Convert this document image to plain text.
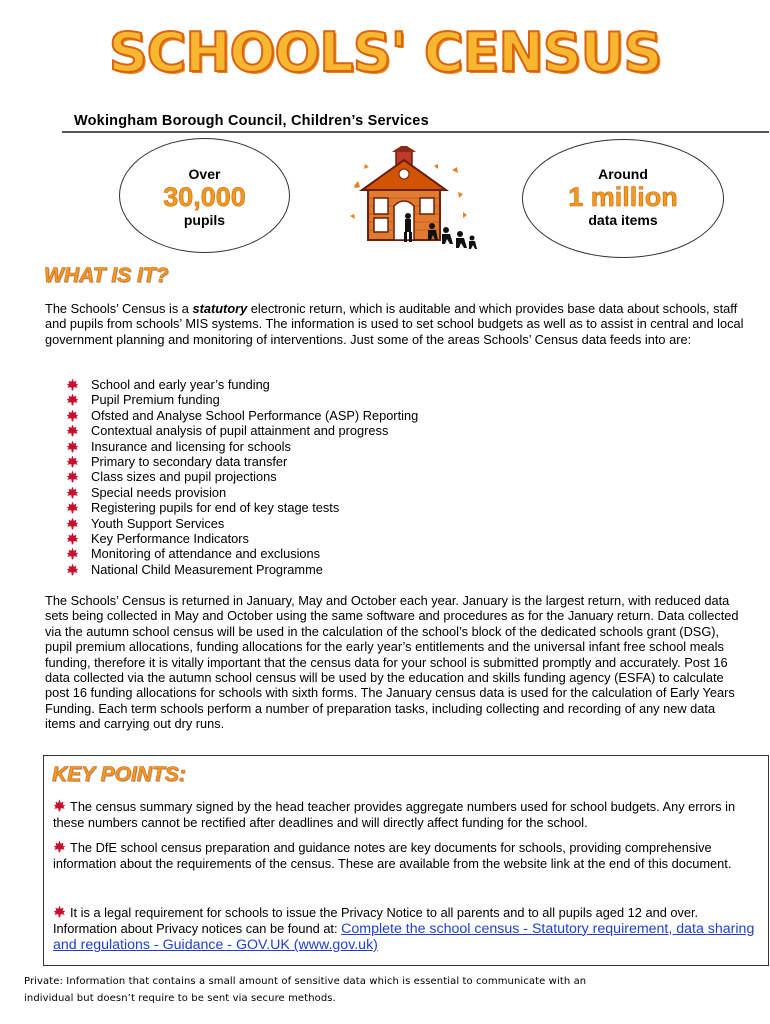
SCHOOLS' CENSUS
Wokingham Borough Council, Children’s Services
Over
30,000
pupils
Around
1 million
data items
WHAT IS IT?
The Schools’ Census is a statutory electronic return, which is auditable and which provides base data about schools, staff and pupils from schools’ MIS systems. The information is used to set school budgets as well as to assist in central and local government planning and monitoring of interventions. Just some of the areas Schools’ Census data feeds into are:
School and early year’s funding
Pupil Premium funding
Ofsted and Analyse School Performance (ASP) Reporting
Contextual analysis of pupil attainment and progress
Insurance and licensing for schools
Primary to secondary data transfer
Class sizes and pupil projections
Special needs provision
Registering pupils for end of key stage tests
Youth Support Services
Key Performance Indicators
Monitoring of attendance and exclusions
National Child Measurement Programme
The Schools’ Census is returned in January, May and October each year. January is the largest return, with reduced data sets being collected in May and October using the same software and procedures as for the January return. Data collected via the autumn school census will be used in the calculation of the school’s block of the dedicated schools grant (DSG), pupil premium allocations, funding allocations for the early year’s entitlements and the universal infant free school meals funding, therefore it is vitally important that the census data for your school is submitted promptly and accurately. Post 16 data collected via the autumn school census will be used by the education and skills funding agency (ESFA) to calculate post 16 funding allocations for schools with sixth forms. The January census data is used for the calculation of Early Years Funding. Each term schools perform a number of preparation tasks, including collecting and recording of any new data items and carrying out dry runs.
KEY POINTS:
The census summary signed by the head teacher provides aggregate numbers used for school budgets. Any errors in these numbers cannot be rectified after deadlines and will directly affect funding for the school.
The DfE school census preparation and guidance notes are key documents for schools, providing comprehensive information about the requirements of the census. These are available from the website link at the end of this document.
It is a legal requirement for schools to issue the Privacy Notice to all parents and to all pupils aged 12 and over. Information about Privacy notices can be found at: Complete the school census - Statutory requirement, data sharing and regulations - Guidance - GOV.UK (www.gov.uk)
Private: Information that contains a small amount of sensitive data which is essential to communicate with an
individual but doesn’t require to be sent via secure methods.
